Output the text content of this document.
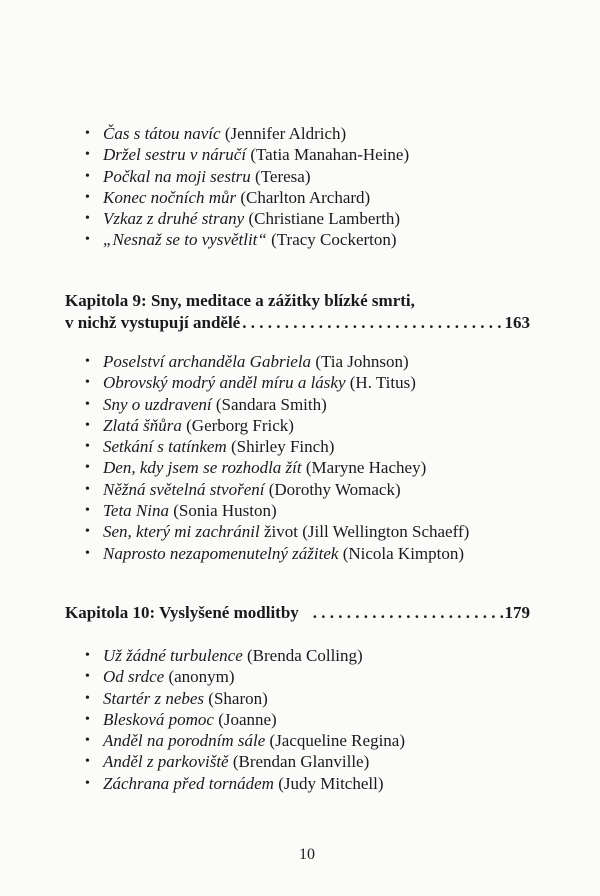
• Čas s tátou navíc (Jennifer Aldrich)
• Držel sestru v náručí (Tatia Manahan-Heine)
• Počkal na moji sestru (Teresa)
• Konec nočních můr (Charlton Archard)
• Vzkaz z druhé strany (Christiane Lamberth)
• „Nesnaž se to vysvětlit“ (Tracy Cockerton)
Kapitola 9: Sny, meditace a zážitky blízké smrti,
v nichž vystupují andělé . . .	163
• Poselství archanděla Gabriela (Tia Johnson)
• Obrovský modrý anděl míru a lásky (H. Titus)
• Sny o uzdravení (Sandara Smith)
• Zlatá šňůra (Gerborg Frick)
• Setkání s tatínkem (Shirley Finch)
• Den, kdy jsem se rozhodla žít (Maryne Hachey)
• Něžná světelná stvoření (Dorothy Womack)
• Teta Nina (Sonia Huston)
• Sen, který mi zachránil život (Jill Wellington Schaeff)
• Naprosto nezapomenutelný zážitek (Nicola Kimpton)
Kapitola 10: Vyslyšené modlitby . . .	179
• Už žádné turbulence (Brenda Colling)
• Od srdce (anonym)
• Startér z nebes (Sharon)
• Blesková pomoc (Joanne)
• Anděl na porodním sále (Jacqueline Regina)
• Anděl z parkoviště (Brendan Glanville)
• Záchrana před tornádem (Judy Mitchell)
10
